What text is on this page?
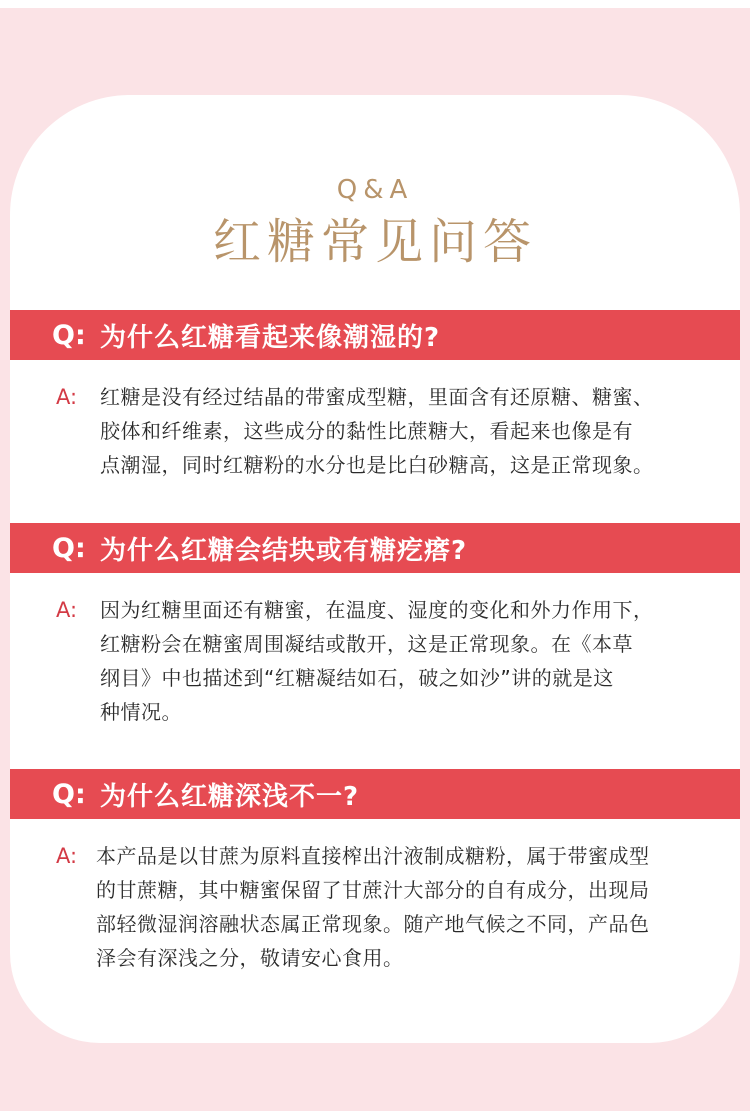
Q&A
红糖常见问答
Q: 为什么红糖看起来像潮湿的?
A:	红糖是没有经过结晶的带蜜成型糖，里面含有还原糖、糖蜜、
胶体和纤维素，这些成分的黏性比蔗糖大，看起来也像是有
点潮湿，同时红糖粉的水分也是比白砂糖高，这是正常现象。

Q: 为什么红糖会结块或有糖疙瘩?
A:	因为红糖里面还有糖蜜，在温度、湿度的变化和外力作用下，
红糖粉会在糖蜜周围凝结或散开，这是正常现象。在《本草
纲目》中也描述到“红糖凝结如石，破之如沙”讲的就是这
种情况。

Q: 为什么红糖深浅不一?
A: 本产品是以甘蔗为原料直接榨出汁液制成糖粉，属于带蜜成型
的甘蔗糖，其中糖蜜保留了甘蔗汁大部分的自有成分，出现局
部轻微湿润溶融状态属正常现象。随产地气候之不同，产品色
泽会有深浅之分，敬请安心食用。
